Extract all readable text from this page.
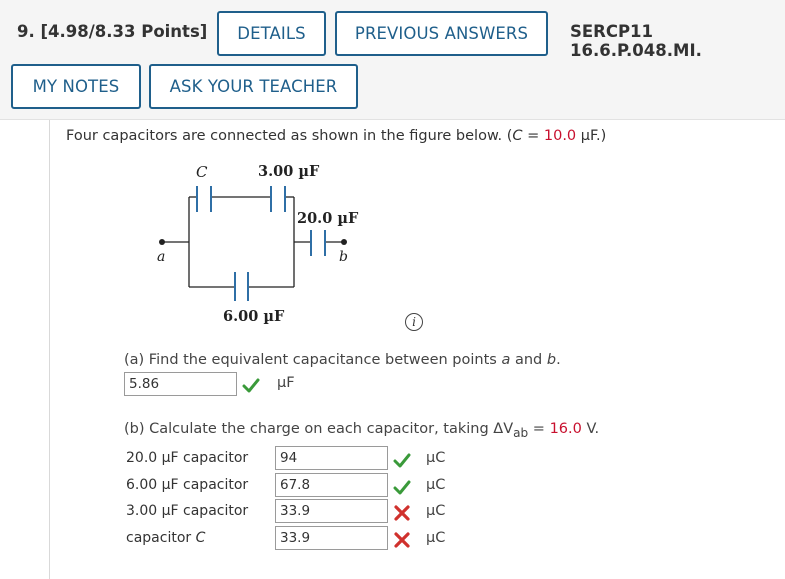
9. [4.98/8.33 Points]	DETAILS	PREVIOUS ANSWERS	SERCP11 16.6.P.048.MI.
MY NOTES	ASK YOUR TEACHER
Four capacitors are connected as shown in the figure below. (C = 10.0 µF.)
C	3.00 µF
20.0 µF
6.00 µF
a	b
i
(a) Find the equivalent capacitance between points a and b.
5.86	µF
(b) Calculate the charge on each capacitor, taking $\Delta V_{ab} = 16.0$ V.
20.0 µF capacitor	94	µC
6.00 µF capacitor	67.8	µC
3.00 µF capacitor	33.9	µC
capacitor C	33.9	µC
